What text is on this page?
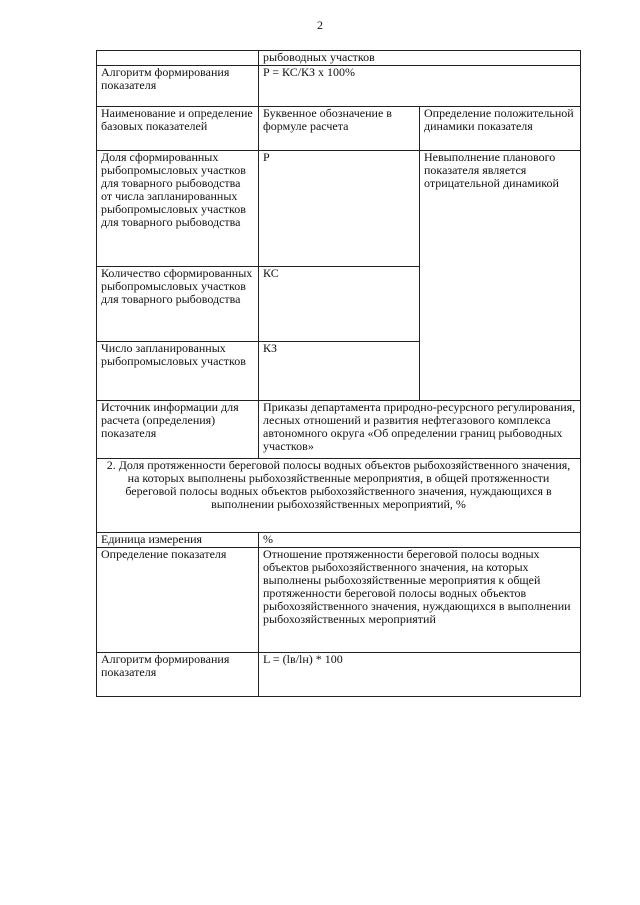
2
	рыбоводных участков	
Алгоритм формирования показателя	P = КС/КЗ х 100%	
Наименование и определение базовых показателей	Буквенное обозначение в формуле расчета	Определение положительной динамики показателя
Доля сформированных рыбопромысловых участков для товарного рыбоводства от числа запланированных рыбопромысловых участков для товарного рыбоводства	Р	Невыполнение планового показателя является отрицательной динамикой
Количество сформированных рыбопромысловых участков для товарного рыбоводства	КС	
Число запланированных рыбопромысловых участков	КЗ	
Источник информации для расчета (определения) показателя	Приказы департамента природно-ресурсного регулирования, лесных отношений и развития нефтегазового комплекса автономного округа «Об определении границ рыбоводных участков»	
2. Доля протяженности береговой полосы водных объектов рыбохозяйственного значения, на которых выполнены рыбохозяйственные мероприятия, в общей протяженности береговой полосы водных объектов рыбохозяйственного значения, нуждающихся в выполнении рыбохозяйственных мероприятий, %		
Единица измерения	%	
Определение показателя	Отношение протяженности береговой полосы водных объектов рыбохозяйственного значения, на которых выполнены рыбохозяйственные мероприятия к общей протяженности береговой полосы водных объектов рыбохозяйственного значения, нуждающихся в выполнении рыбохозяйственных мероприятий	
Алгоритм формирования показателя	L = (lв/lн) * 100	
